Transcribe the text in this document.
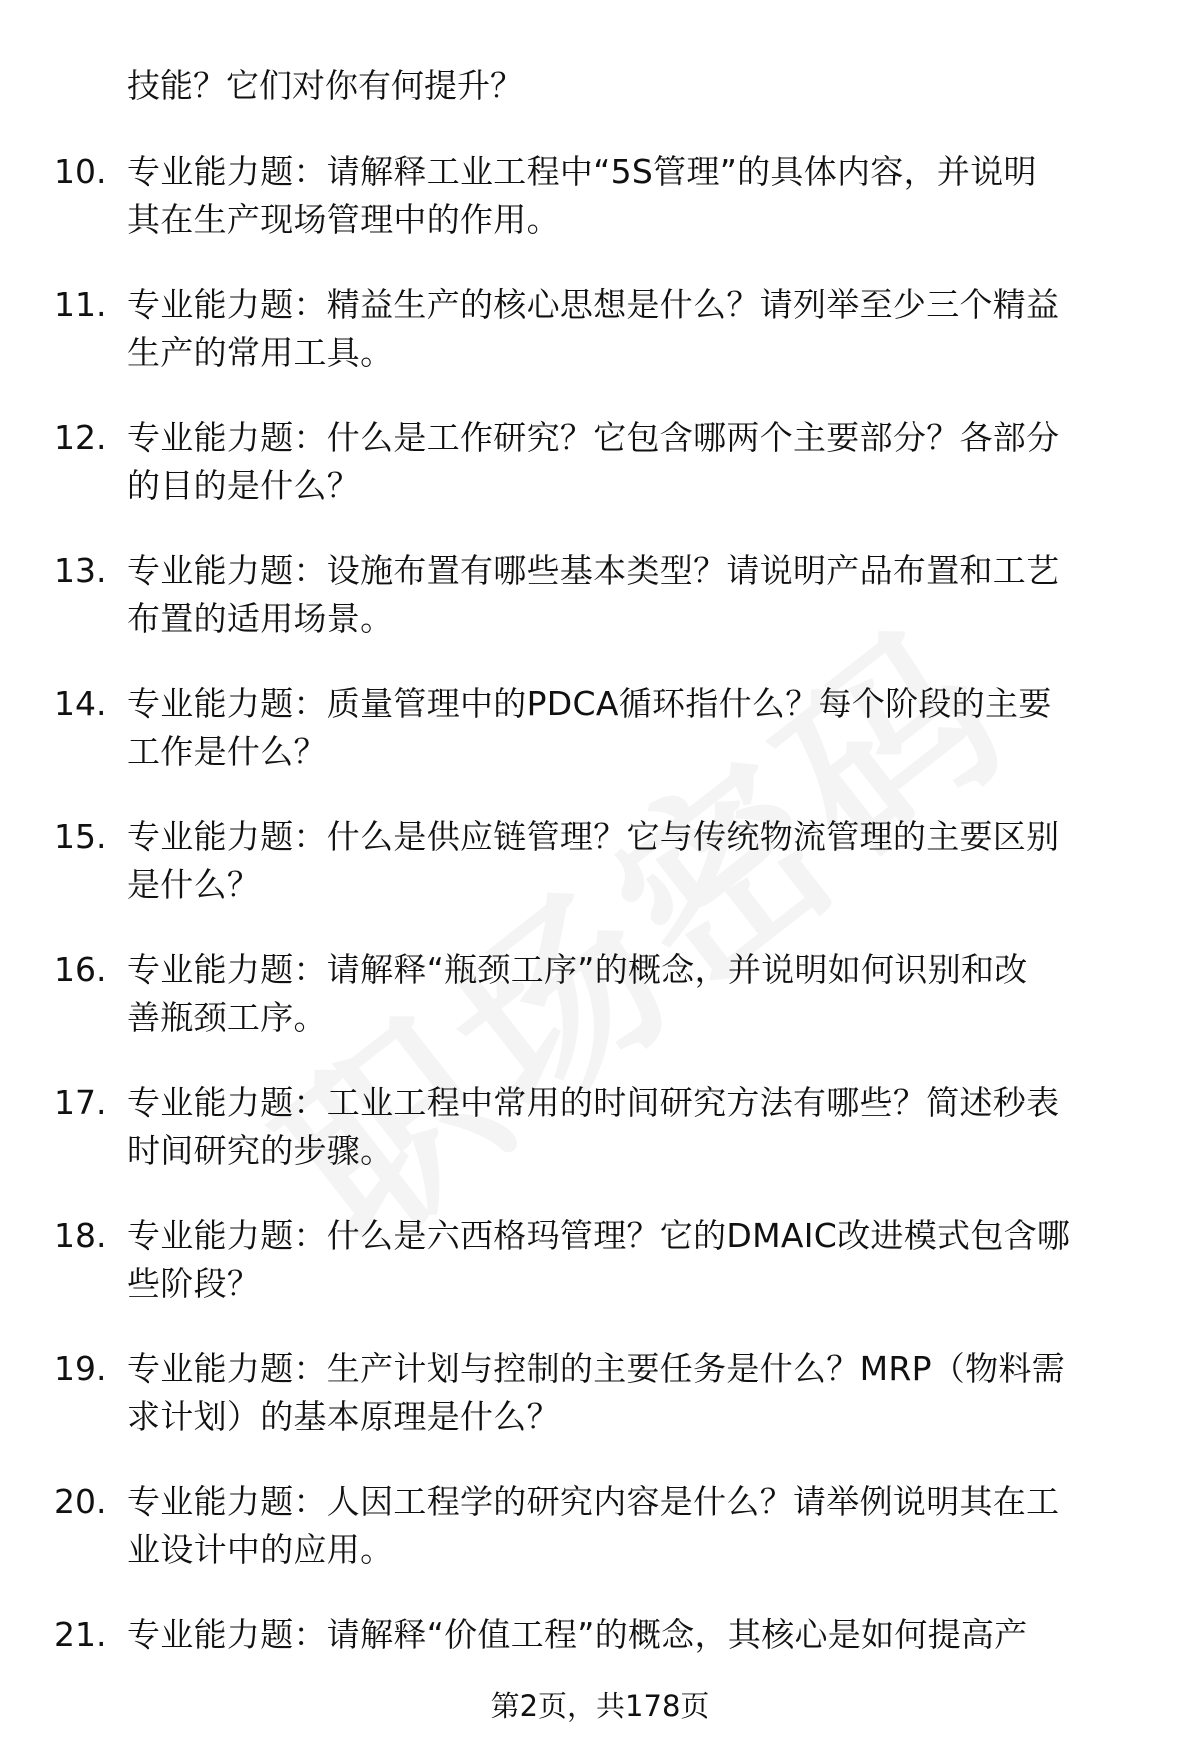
技能？它们对你有何提升？
10. 专业能力题：请解释工业工程中“5S管理”的具体内容，并说明
其在生产现场管理中的作用。
11. 专业能力题：精益生产的核心思想是什么？请列举至少三个精益
生产的常用工具。
12. 专业能力题：什么是工作研究？它包含哪两个主要部分？各部分
的目的是什么？
13. 专业能力题：设施布置有哪些基本类型？请说明产品布置和工艺
布置的适用场景。
14. 专业能力题：质量管理中的PDCA循环指什么？每个阶段的主要
工作是什么？
15. 专业能力题：什么是供应链管理？它与传统物流管理的主要区别
是什么？
16. 专业能力题：请解释“瓶颈工序”的概念，并说明如何识别和改
善瓶颈工序。
17. 专业能力题：工业工程中常用的时间研究方法有哪些？简述秒表
时间研究的步骤。
18. 专业能力题：什么是六西格玛管理？它的DMAIC改进模式包含哪
些阶段？
19. 专业能力题：生产计划与控制的主要任务是什么？MRP（物料需
求计划）的基本原理是什么？
20. 专业能力题：人因工程学的研究内容是什么？请举例说明其在工
业设计中的应用。
21. 专业能力题：请解释“价值工程”的概念，其核心是如何提高产
第2页，共178页
